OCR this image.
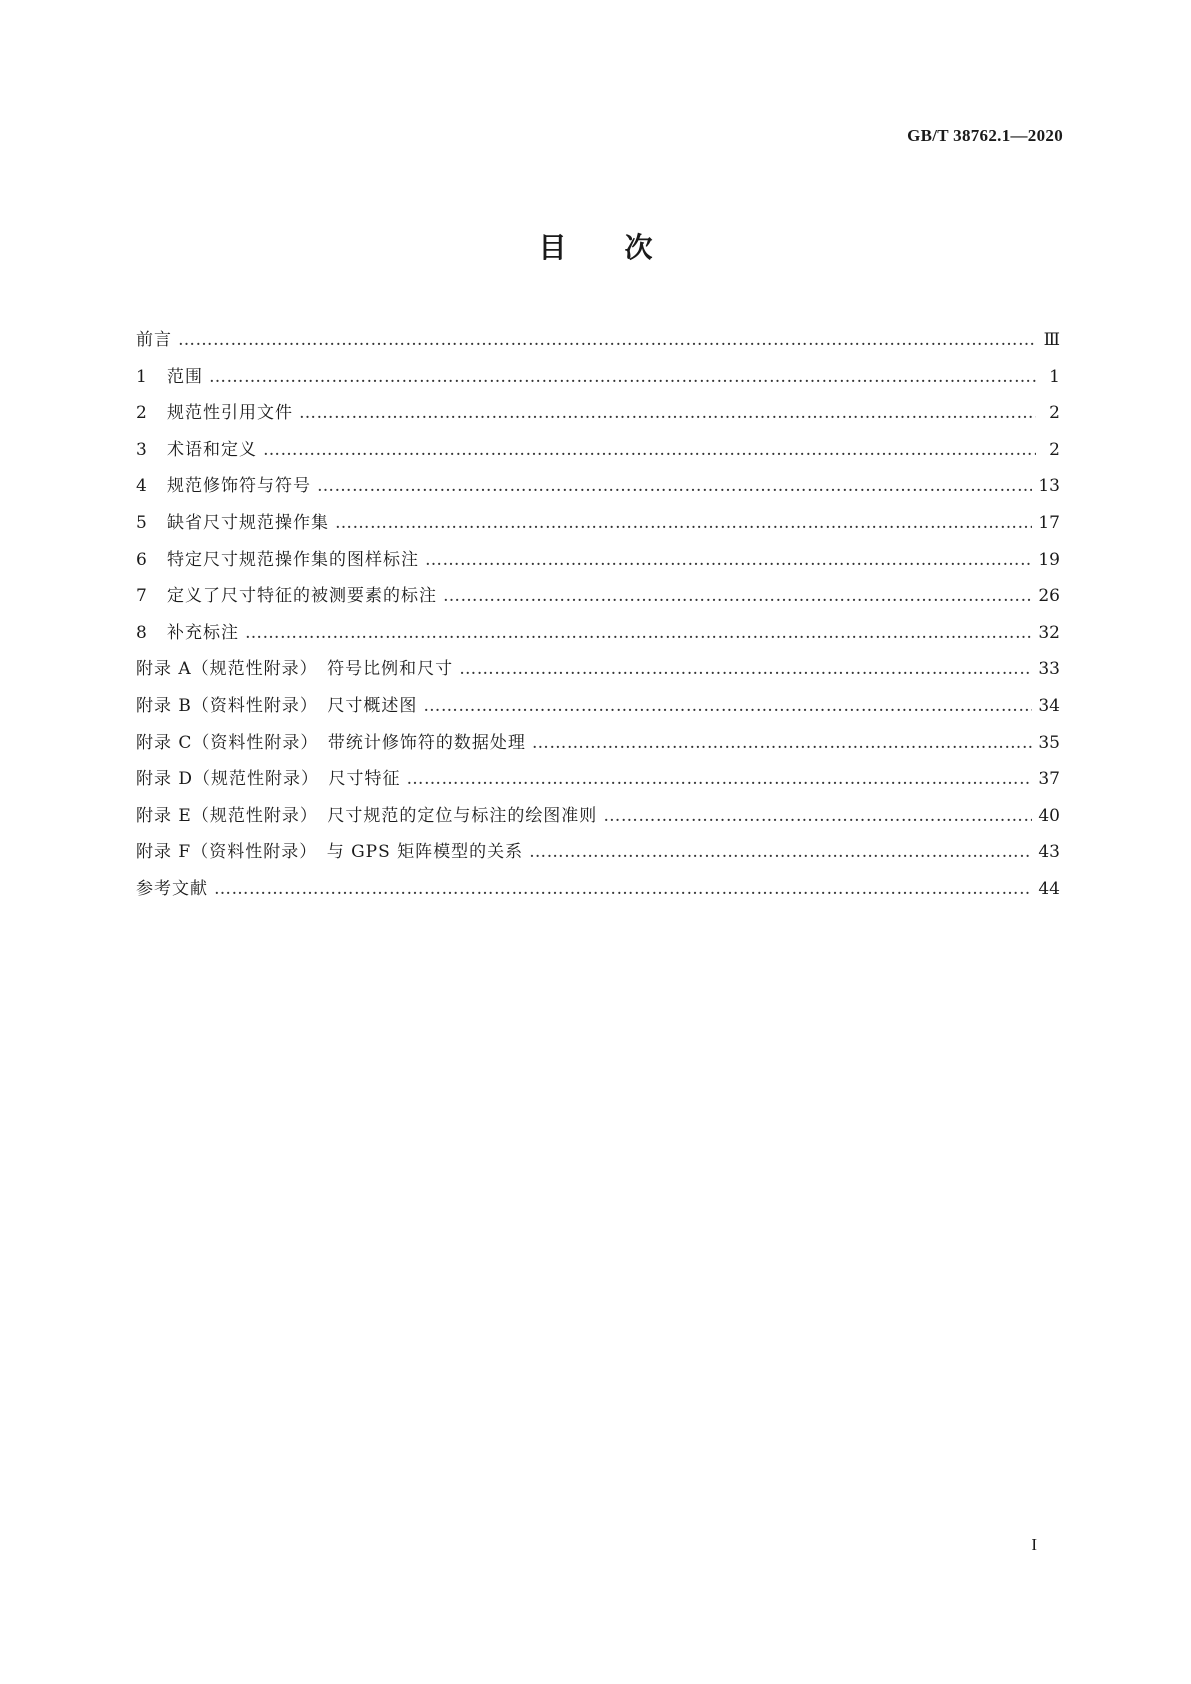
GB/T 38762.1—2020
目次
前言 ……………………………………………………………………………………………………………………………………………………………………………………………………………………………………………………	Ⅲ
1	范围 ……………………………………………………………………………………………………………………………………………………………………………………………………………………………………………………	1
2	规范性引用文件 ……………………………………………………………………………………………………………………………………………………………………………………………………………………………………………………	2
3	术语和定义 ……………………………………………………………………………………………………………………………………………………………………………………………………………………………………………………	2
4	规范修饰符与符号 ……………………………………………………………………………………………………………………………………………………………………………………………………………………………………………………	13
5	缺省尺寸规范操作集 ……………………………………………………………………………………………………………………………………………………………………………………………………………………………………………………	17
6	特定尺寸规范操作集的图样标注 ……………………………………………………………………………………………………………………………………………………………………………………………………………………………………………………	19
7	定义了尺寸特征的被测要素的标注 ……………………………………………………………………………………………………………………………………………………………………………………………………………………………………………………	26
8	补充标注 ……………………………………………………………………………………………………………………………………………………………………………………………………………………………………………………	32
附录 A（规范性附录）　符号比例和尺寸 ……………………………………………………………………………………………………………………………………………………………………………………………………………………………………………………	33
附录 B（资料性附录）　尺寸概述图 ……………………………………………………………………………………………………………………………………………………………………………………………………………………………………………………	34
附录 C（资料性附录）　带统计修饰符的数据处理 ……………………………………………………………………………………………………………………………………………………………………………………………………………………………………………………	35
附录 D（规范性附录）　尺寸特征 ……………………………………………………………………………………………………………………………………………………………………………………………………………………………………………………	37
附录 E（规范性附录）　尺寸规范的定位与标注的绘图准则 ……………………………………………………………………………………………………………………………………………………………………………………………………………………………………………………	40
附录 F（资料性附录）　与 GPS 矩阵模型的关系 ……………………………………………………………………………………………………………………………………………………………………………………………………………………………………………………	43
参考文献 ……………………………………………………………………………………………………………………………………………………………………………………………………………………………………………………	44
I
